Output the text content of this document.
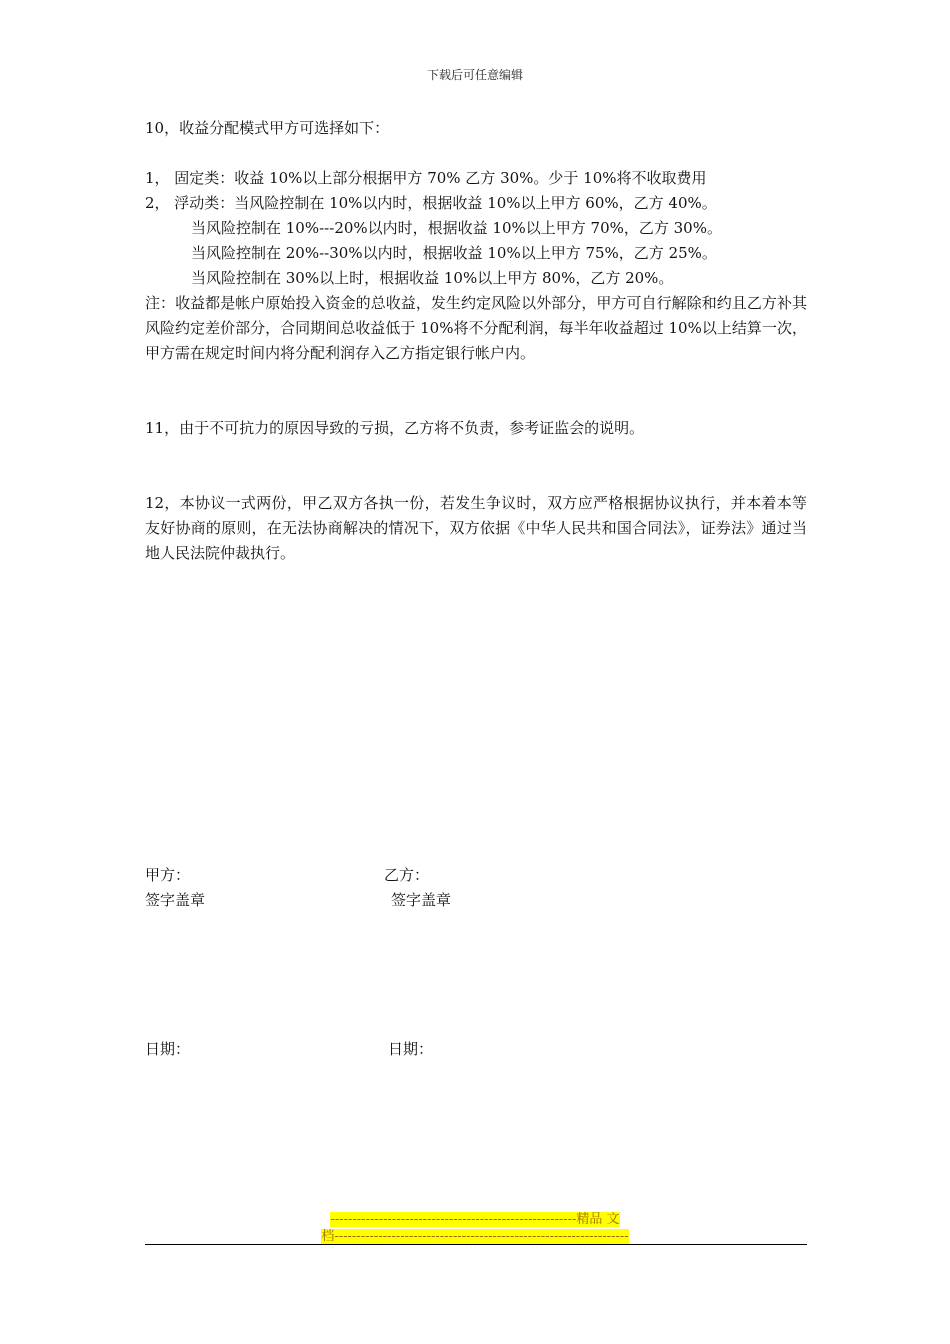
下载后可任意编辑
10，收益分配模式甲方可选择如下：
1， 固定类：收益 10%以上部分根据甲方 70% 乙方 30%。少于 10%将不收取费用
2， 浮动类：当风险控制在 10%以内时，根据收益 10%以上甲方 60%，乙方 40%。
当风险控制在 10%---20%以内时，根据收益 10%以上甲方 70%，乙方 30%。
当风险控制在 20%--30%以内时，根据收益 10%以上甲方 75%，乙方 25%。
当风险控制在 30%以上时，根据收益 10%以上甲方 80%，乙方 20%。
注：收益都是帐户原始投入资金的总收益，发生约定风险以外部分，甲方可自行解除和约且乙方补其风险约定差价部分，合同期间总收益低于 10%将不分配利润，每半年收益超过 10%以上结算一次，甲方需在规定时间内将分配利润存入乙方指定银行帐户内。
11，由于不可抗力的原因导致的亏损，乙方将不负责，参考证监会的说明。
12，本协议一式两份，甲乙双方各执一份，若发生争议时，双方应严格根据协议执行，并本着本等友好协商的原则，在无法协商解决的情况下，双方依据《中华人民共和国合同法》，证券法》通过当地人民法院仲裁执行。
甲方：	乙方：
签字盖章	签字盖章
日期：	日期：
--------------------------------------------------------精品 文
档-------------------------------------------------------------------
